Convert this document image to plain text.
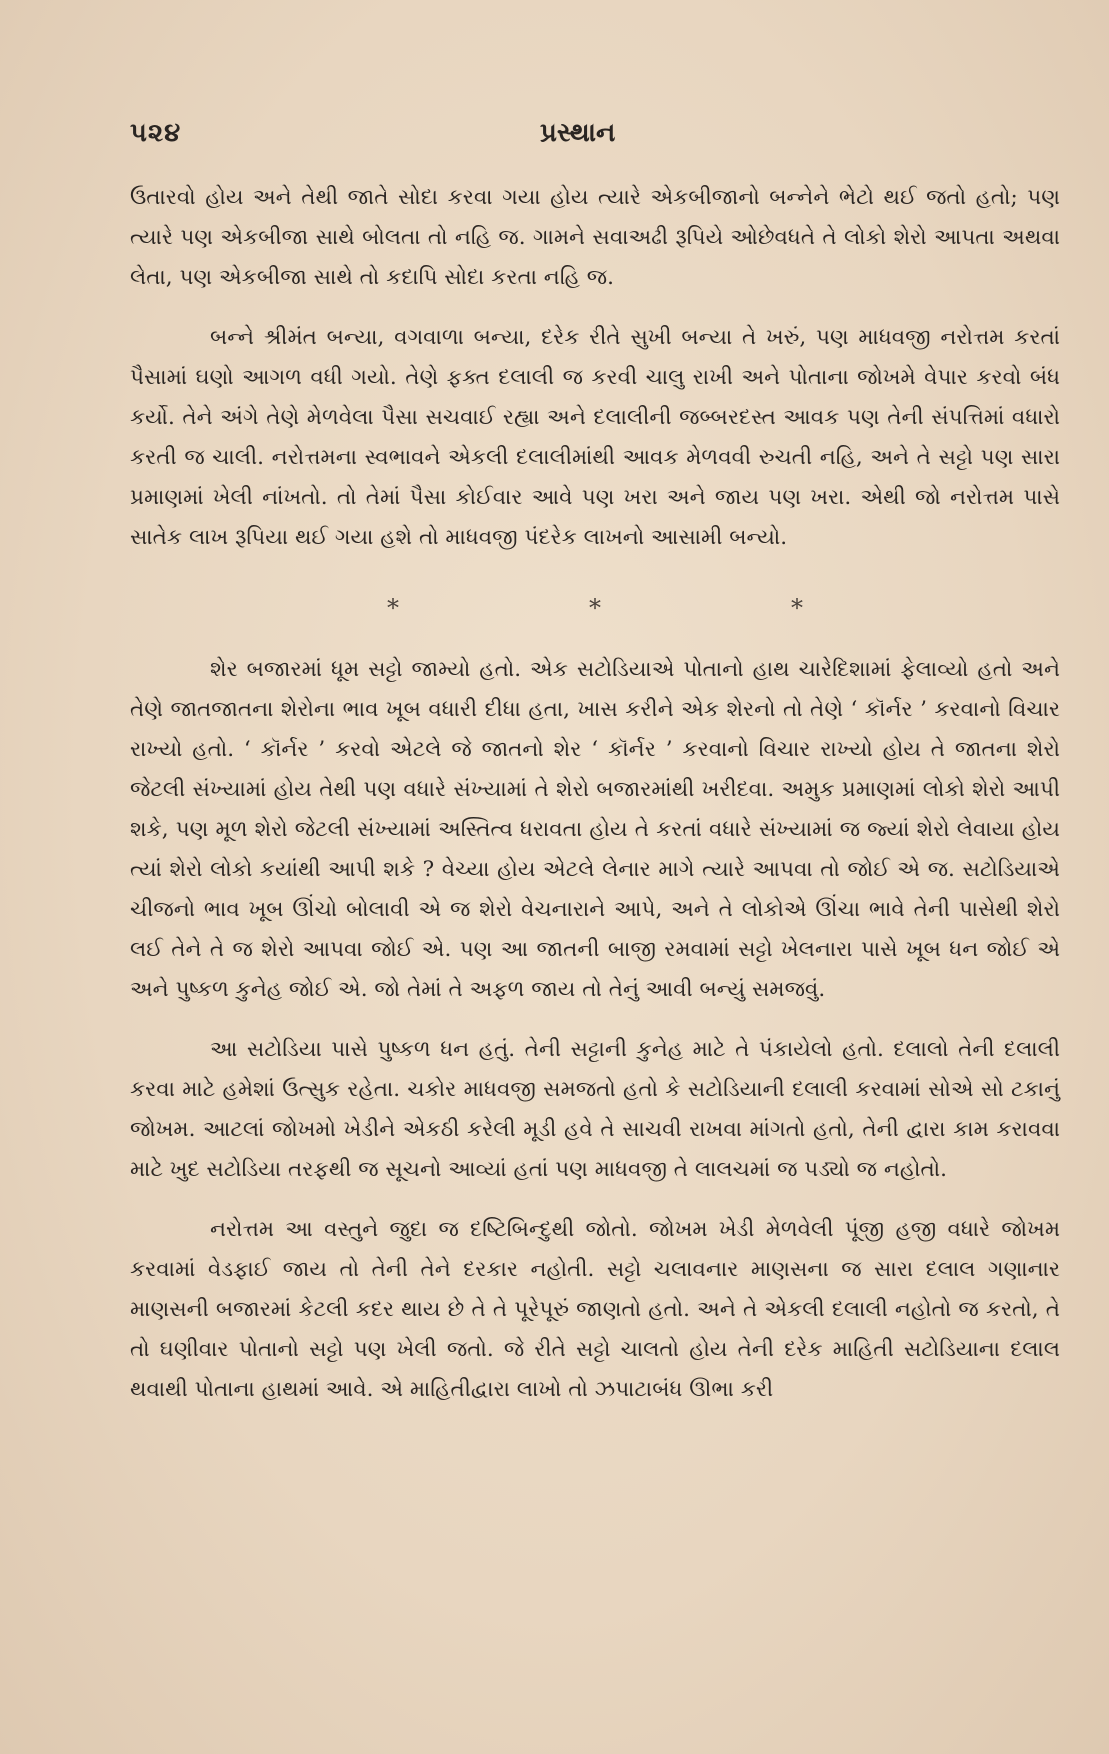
પ૨૪	પ્રસ્થાન

ઉતારવો હોય અને તેથી જાતે સોદા કરવા ગયા હોય ત્યારે એકબીજાનો બન્નેને ભેટો થઈ જતો હતો; પણ ત્યારે પણ એકબીજા સાથે બોલતા તો નહિ જ. ગામને સવાઅઢી રૂપિયે ઓછેવધતે તે લોકો શેરો આપતા અથવા લેતા, પણ એકબીજા સાથે તો કદાપિ સોદા કરતા નહિ જ.

બન્ને શ્રીમંત બન્યા, વગવાળા બન્યા, દરેક રીતે સુખી બન્યા તે ખરું, પણ માધવજી નરોત્તમ કરતાં પૈસામાં ઘણો આગળ વધી ગયો. તેણે ફક્ત દલાલી જ કરવી ચાલુ રાખી અને પોતાના જોખમે વેપાર કરવો બંધ કર્યો. તેને અંગે તેણે મેળવેલા પૈસા સચવાઈ રહ્યા અને દલાલીની જબ્બરદસ્ત આવક પણ તેની સંપત્તિમાં વધારો કરતી જ ચાલી. નરોત્તમના સ્વભાવને એકલી દલાલીમાંથી આવક મેળવવી રુચતી નહિ, અને તે સટ્ટો પણ સારા પ્રમાણમાં ખેલી નાંખતો. તો તેમાં પૈસા કોઈવાર આવે પણ ખરા અને જાય પણ ખરા. એથી જો નરોત્તમ પાસે સાતેક લાખ રૂપિયા થઈ ગયા હશે તો માધવજી પંદરેક લાખનો આસામી બન્યો.

*	*	*

શેર બજારમાં ધૂમ સટ્ટો જામ્યો હતો. એક સટોડિયાએ પોતાનો હાથ ચારેદિશામાં ફેલાવ્યો હતો અને તેણે જાતજાતના શેરોના ભાવ ખૂબ વધારી દીધા હતા, ખાસ કરીને એક શેરનો તો તેણે ‘ કૉર્નર ’ કરવાનો વિચાર રાખ્યો હતો. ‘ કૉર્નર ’ કરવો એટલે જે જાતનો શેર ‘ કૉર્નર ’ કરવાનો વિચાર રાખ્યો હોય તે જાતના શેરો જેટલી સંખ્યામાં હોય તેથી પણ વધારે સંખ્યામાં તે શેરો બજારમાંથી ખરીદવા. અમુક પ્રમાણમાં લોકો શેરો આપી શકે, પણ મૂળ શેરો જેટલી સંખ્યામાં અસ્તિત્વ ધરાવતા હોય તે કરતાં વધારે સંખ્યામાં જ જ્યાં શેરો લેવાયા હોય ત્યાં શેરો લોકો કયાંથી આપી શકે ? વેચ્યા હોય એટલે લેનાર માગે ત્યારે આપવા તો જોઈ એ જ. સટોડિયાએ ચીજનો ભાવ ખૂબ ઊંચો બોલાવી એ જ શેરો વેચનારાને આપે, અને તે લોકોએ ઊંચા ભાવે તેની પાસેથી શેરો લઈ તેને તે જ શેરો આપવા જોઈ એ. પણ આ જાતની બાજી રમવામાં સટ્ટો ખેલનારા પાસે ખૂબ ધન જોઈ એ અને પુષ્કળ કુનેહ જોઈ એ. જો તેમાં તે અફળ જાય તો તેનું આવી બન્યું સમજવું.

આ સટોડિયા પાસે પુષ્કળ ધન હતું. તેની સટ્ટાની કુનેહ માટે તે પંકાયેલો હતો. દલાલો તેની દલાલી કરવા માટે હમેશાં ઉત્સુક રહેતા. ચકોર માધવજી સમજતો હતો કે સટોડિયાની દલાલી કરવામાં સોએ સો ટકાનું જોખમ. આટલાં જોખમો ખેડીને એકઠી કરેલી મૂડી હવે તે સાચવી રાખવા માંગતો હતો, તેની દ્વારા કામ કરાવવા માટે ખુદ સટોડિયા તરફથી જ સૂચનો આવ્યાં હતાં પણ માધવજી તે લાલચમાં જ પડ્યો જ નહોતો.

નરોત્તમ આ વસ્તુને જુદા જ દષ્ટિબિન્દુથી જોતો. જોખમ ખેડી મેળવેલી પૂંજી હજી વધારે જોખમ કરવામાં વેડફાઈ જાય તો તેની તેને દરકાર નહોતી. સટ્ટો ચલાવનાર માણસના જ સારા દલાલ ગણાનાર માણસની બજારમાં કેટલી કદર થાય છે તે તે પૂરેપૂરું જાણતો હતો. અને તે એકલી દલાલી નહોતો જ કરતો, તે તો ઘણીવાર પોતાનો સટ્ટો પણ ખેલી જતો. જે રીતે સટ્ટો ચાલતો હોય તેની દરેક માહિતી સટોડિયાના દલાલ થવાથી પોતાના હાથમાં આવે. એ માહિતીદ્વારા લાખો તો ઝપાટાબંધ ઊભા કરી
